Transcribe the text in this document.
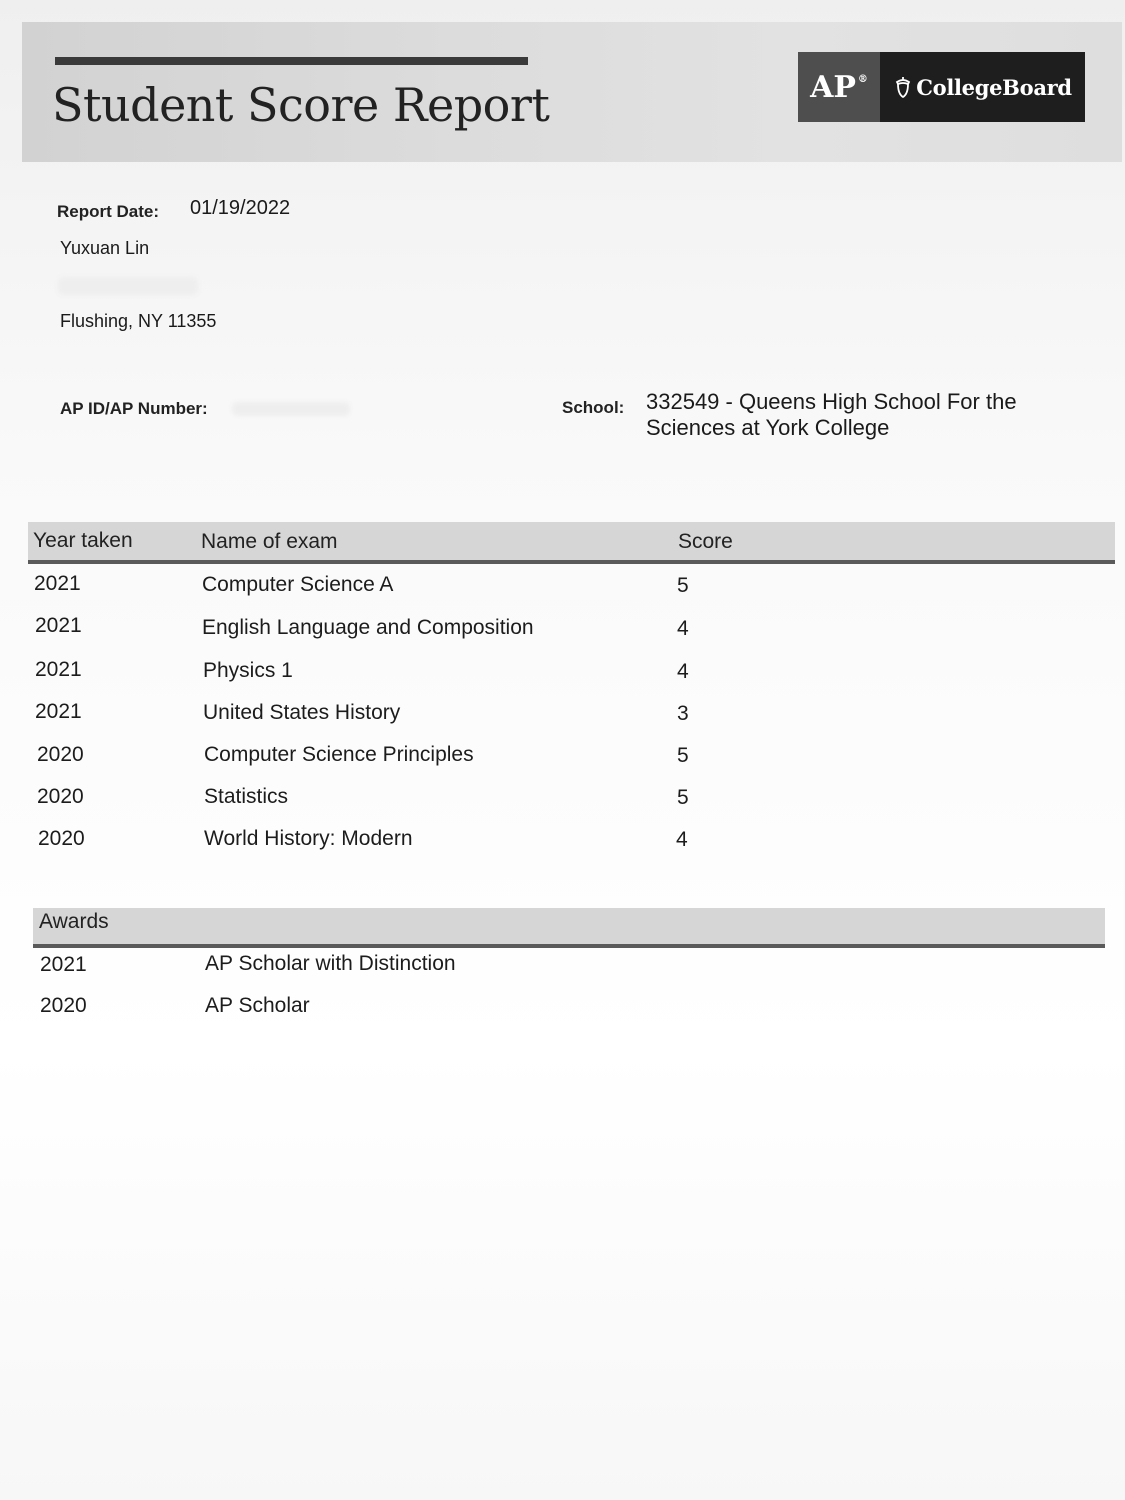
Student Score Report	AP® CollegeBoard
Report Date: 01/19/2022
Yuxuan Lin
Flushing, NY 11355
AP ID/AP Number:	School: 332549 - Queens High School For the
Sciences at York College
Year taken	Name of exam	Score
2021	Computer Science A	5
2021	English Language and Composition	4
2021	Physics 1	4
2021	United States History	3
2020	Computer Science Principles	5
2020	Statistics	5
2020	World History: Modern	4
Awards
2021	AP Scholar with Distinction
2020	AP Scholar
